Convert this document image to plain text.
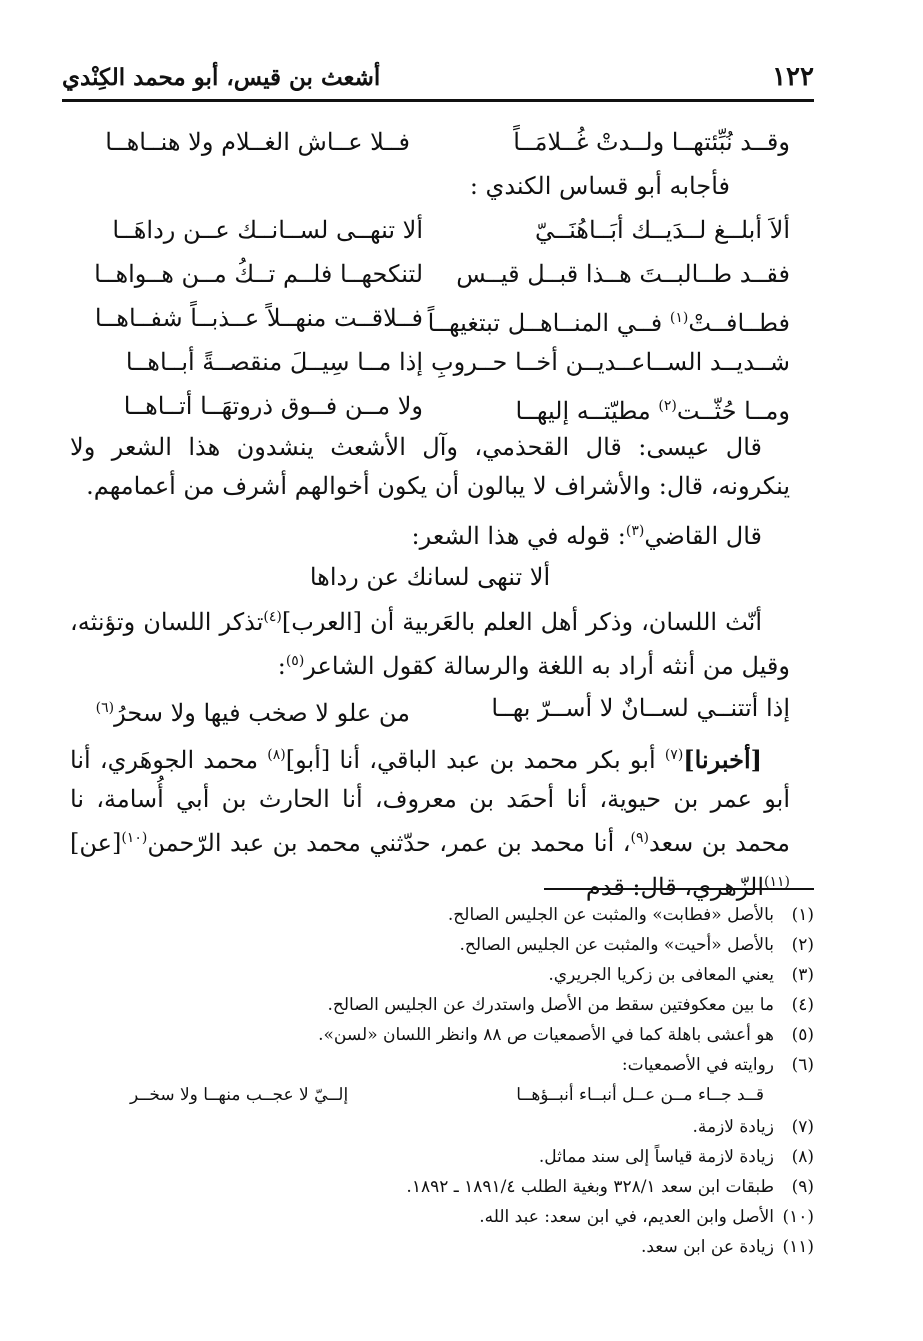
١٢٢
أشعث بن قيس، أبو محمد الكِنْدي
وقــد نُبِّئتهــا ولــدتْ غُــلامَــاً
فــلا عــاش الغــلام ولا هنــاهــا
فأجابه أبو قساس الكندي :
ألاَ أبلــغ لــدَيــك أبَــاهُنَــيّ
ألا تنهــى لســانــك عــن رداهَــا
فقــد طــالبــتَ هــذا قبــل قيــس
لتنكحهــا فلــم تــكُ مــن هــواهــا
فطــافــتْ$^{(١)}$ فــي المنــاهــل تبتغيهــاً
فــلاقــت منهــلاً عــذبــاً شفــاهــا
شــديــد الســاعــديــن أخــا حــروبِ
إذا مــا سِيــلَ منقصــةً أبــاهــا
ومــا حُثّــت$^{(٢)}$ مطيّتــه إليهــا
ولا مــن فــوق ذروتهَــا أتــاهــا

قال عيسى: قال القحذمي، وآل الأشعث ينشدون هذا الشعر ولا ينكرونه، قال: والأشراف لا يبالون أن يكون أخوالهم أشرف من أعمامهم.

قال القاضي$^{(٣)}$: قوله في هذا الشعر:

ألا تنهى لسانك عن رداها

أنّث اللسان، وذكر أهل العلم بالعَربية أن [العرب]$^{(٤)}$تذكر اللسان وتؤنثه، وقيل من أنثه أراد به اللغة والرسالة كقول الشاعر$^{(٥)}$:

إذا أتتنــي لســانٌ لا أســرّ بهــا
من علو لا صخب فيها ولا سحرُ$^{(٦)}$

[أخبرنا]$^{(٧)}$ أبو بكر محمد بن عبد الباقي، أنا [أبو]$^{(٨)}$ محمد الجوهَري، أنا أبو عمر بن حيوية، أنا أحمَد بن معروف، أنا الحارث بن أبي أُسامة، نا محمد بن سعد$^{(٩)}$، أنا محمد بن عمر، حدّثني محمد بن عبد الرّحمن$^{(١٠)}$[عن]$^{(١١)}$الزّهري، قال: قدم

(١)بالأصل «فطابت» والمثبت عن الجليس الصالح.
(٢)بالأصل «أحيت» والمثبت عن الجليس الصالح.
(٣)يعني المعافى بن زكريا الجريري.
(٤)ما بين معكوفتين سقط من الأصل واستدرك عن الجليس الصالح.
(٥)هو أعشى باهلة كما في الأصمعيات ص ٨٨ وانظر اللسان «لسن».
(٦)روايته في الأصمعيات:
قــد جــاء مــن عــل أنبــاء أنبــؤهــا
إلــيّ لا عجــب منهــا ولا سخــر
(٧)زيادة لازمة.
(٨)زيادة لازمة قياساً إلى سند مماثل.
(٩)طبقات ابن سعد ٣٢٨/١ وبغية الطلب ١٨٩١/٤ ـ ١٨٩٢.
(١٠)الأصل وابن العديم، في ابن سعد: عبد الله.
(١١)زيادة عن ابن سعد.
